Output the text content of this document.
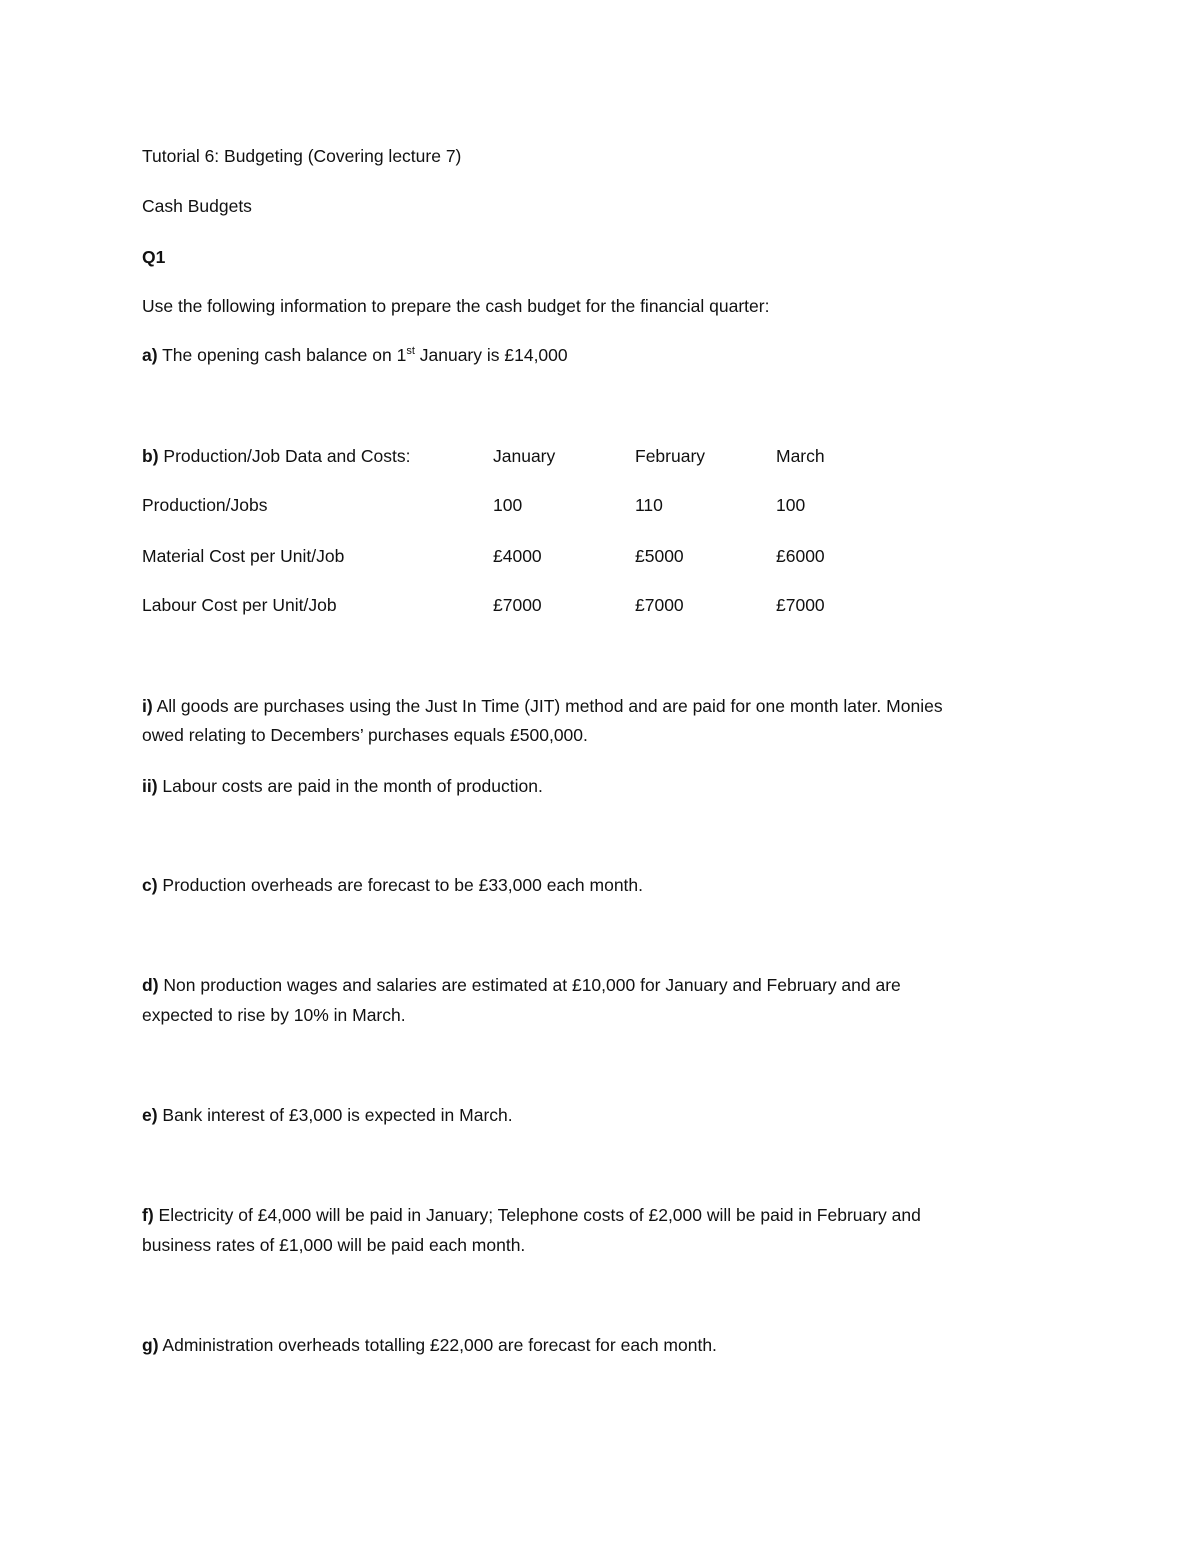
Tutorial 6: Budgeting (Covering lecture 7)
Cash Budgets
Q1
Use the following information to prepare the cash budget for the financial quarter:
a) The opening cash balance on 1st January is £14,000
b) Production/Job Data and Costs:	January	February	March
Production/Jobs	100	110	100
Material Cost per Unit/Job	£4000	£5000	£6000
Labour Cost per Unit/Job	£7000	£7000	£7000
i) All goods are purchases using the Just In Time (JIT) method and are paid for one month later. Monies
owed relating to Decembers’ purchases equals £500,000.
ii) Labour costs are paid in the month of production.
c) Production overheads are forecast to be £33,000 each month.
d) Non production wages and salaries are estimated at £10,000 for January and February and are
expected to rise by 10% in March.
e) Bank interest of £3,000 is expected in March.
f) Electricity of £4,000 will be paid in January; Telephone costs of £2,000 will be paid in February and
business rates of £1,000 will be paid each month.
g) Administration overheads totalling £22,000 are forecast for each month.
